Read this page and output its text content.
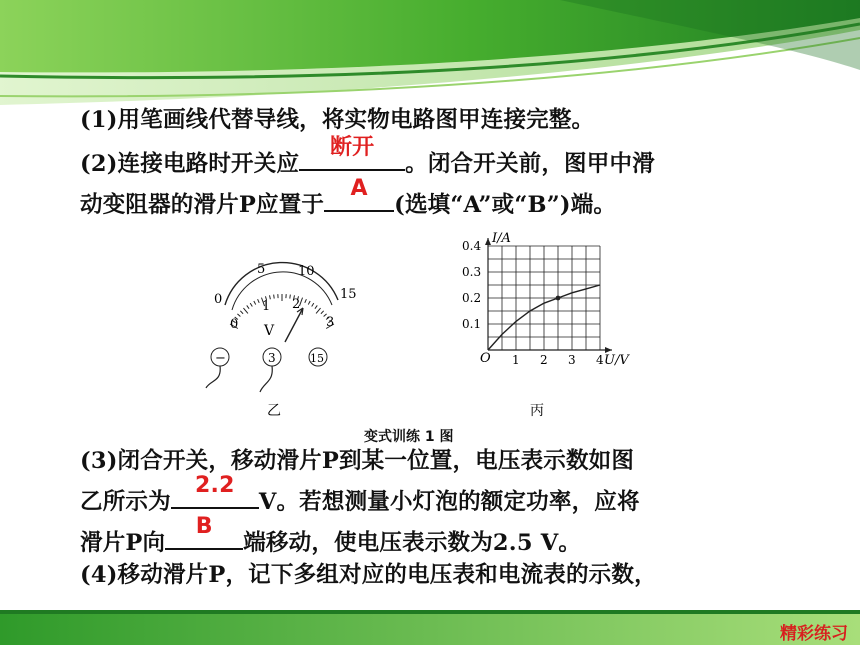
(1)用笔画线代替导线，将实物电路图甲连接完整。
(2)连接电路时开关应
断开
。闭合开关前，图甲中滑
动变阻器的滑片P应置于
A
(选填“A”或“B”)端。
0
5	10
15
0
1 2
3
V
−	3	15
乙
I/A
U/V
O 1 2 3 4
0.1
0.2
0.3
0.4
丙
变式训练 1 图
(3)闭合开关，移动滑片P到某一位置，电压表示数如图
乙所示为
2.2
V。若想测量小灯泡的额定功率，应将
滑片P向
B
端移动，使电压表示数为2.5 V。
(4)移动滑片P，记下多组对应的电压表和电流表的示数，
精彩练习
